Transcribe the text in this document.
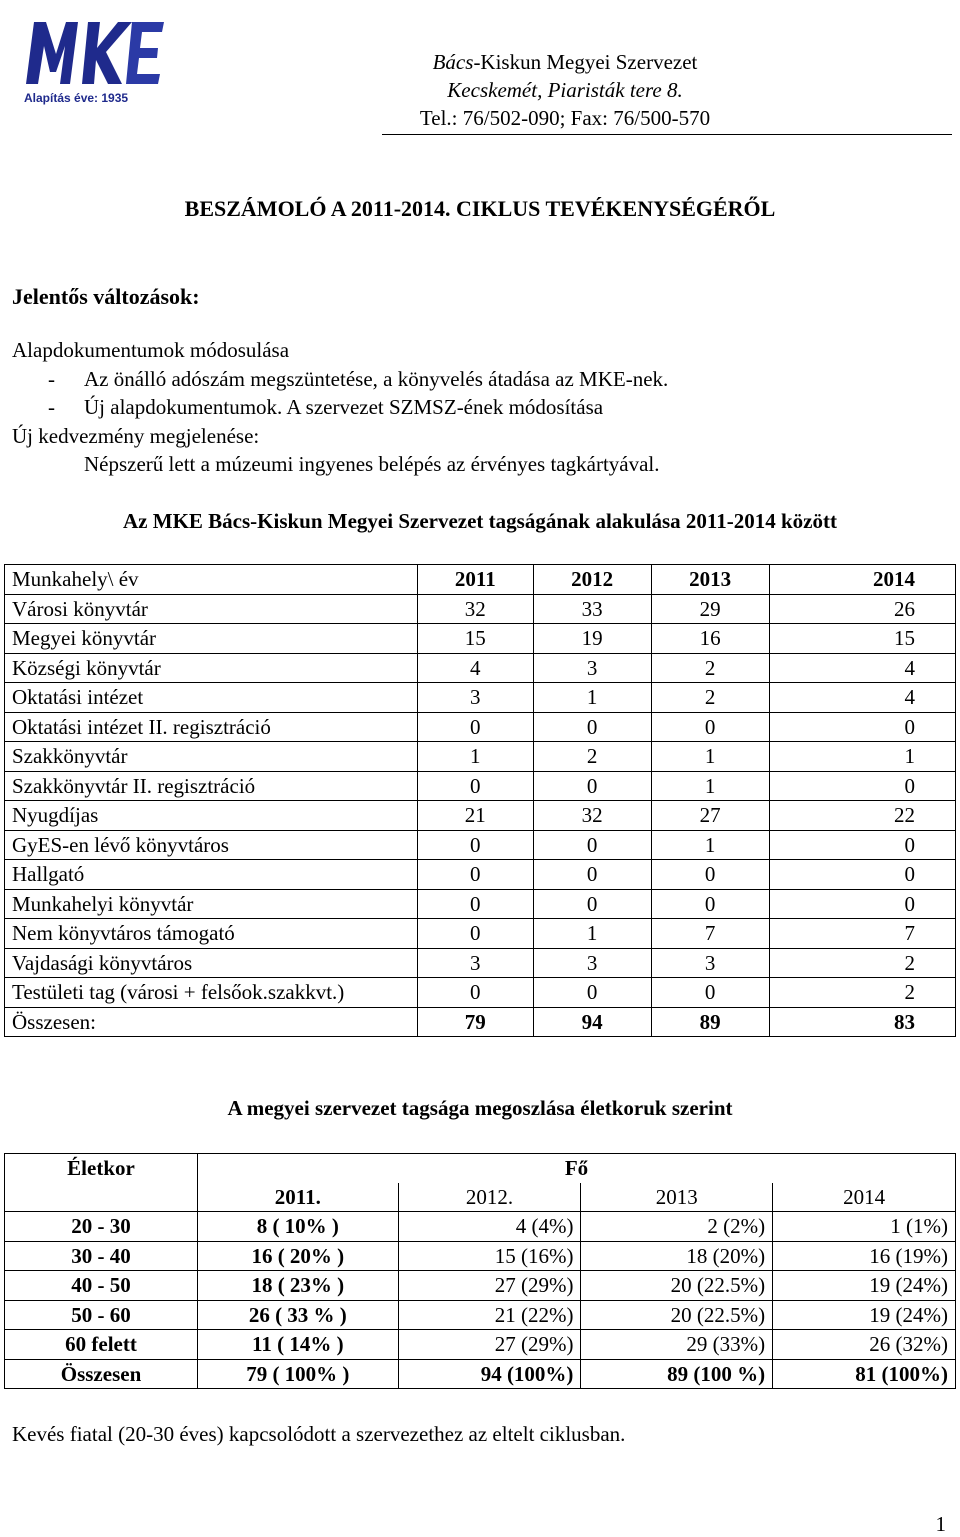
Alapítás éve: 1935
Bács-Kiskun Megyei Szervezet
Kecskemét, Piaristák tere 8.
Tel.: 76/502-090; Fax: 76/500-570
BESZÁMOLÓ A 2011-2014. CIKLUS TEVÉKENYSÉGÉRŐL
Jelentős változások:
Alapdokumentumok módosulása
- Az önálló adószám megszüntetése, a könyvelés átadása az MKE-nek.
- Új alapdokumentumok. A szervezet SZMSZ-ének módosítása
Új kedvezmény megjelenése:
Népszerű lett a múzeumi ingyenes belépés az érvényes tagkártyával.
Az MKE Bács-Kiskun Megyei Szervezet tagságának alakulása 2011-2014 között
Munkahely\ év	2011	2012	2013	2014
Városi könyvtár	32	33	29	26
Megyei könyvtár	15	19	16	15
Községi könyvtár	4	3	2	4
Oktatási intézet	3	1	2	4
Oktatási intézet II. regisztráció	0	0	0	0
Szakkönyvtár	1	2	1	1
Szakkönyvtár II. regisztráció	0	0	1	0
Nyugdíjas	21	32	27	22
GyES-en lévő könyvtáros	0	0	1	0
Hallgató	0	0	0	0
Munkahelyi könyvtár	0	0	0	0
Nem könyvtáros támogató	0	1	7	7
Vajdasági könyvtáros	3	3	3	2
Testületi tag (városi + felsőok.szakkvt.)	0	0	0	2
Összesen:	79	94	89	83
A megyei szervezet tagsága megoszlása életkoruk szerint
Életkor	Fő			
	2011.	2012.	2013	2014
20 - 30	8 ( 10% )	4 (4%)	2 (2%)	1 (1%)
30 - 40	16 ( 20% )	15 (16%)	18 (20%)	16 (19%)
40 - 50	18 ( 23% )	27 (29%)	20 (22.5%)	19 (24%)
50 - 60	26 ( 33 % )	21 (22%)	20 (22.5%)	19 (24%)
60 felett	11 ( 14% )	27 (29%)	29 (33%)	26 (32%)
Összesen	79 ( 100% )	94 (100%)	89 (100 %)	81 (100%)
Kevés fiatal (20-30 éves) kapcsolódott a szervezethez az eltelt ciklusban.
1
